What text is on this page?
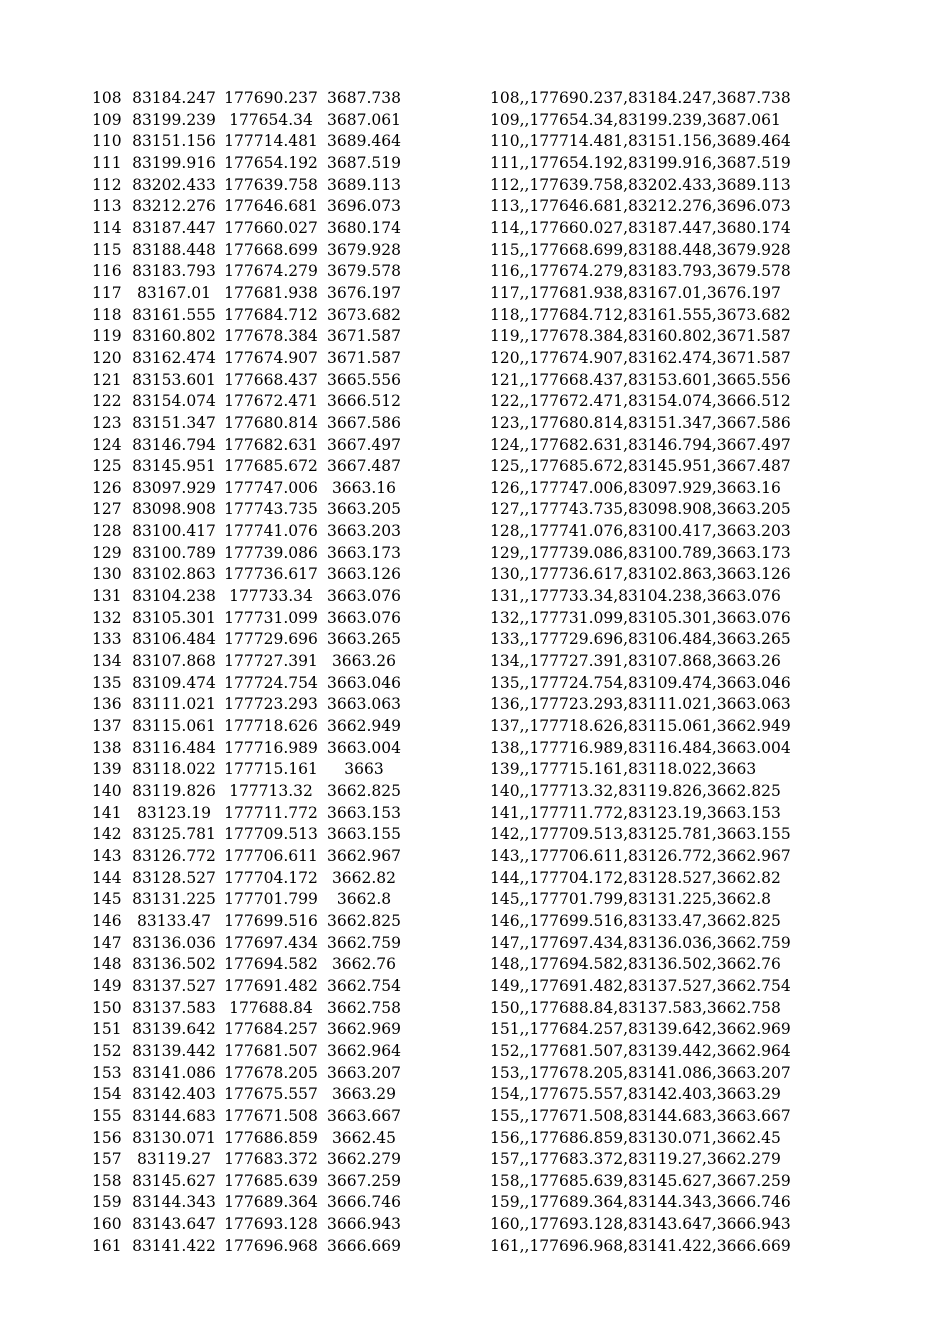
108 83184.247 177690.237 3687.738	108,,177690.237,83184.247,3687.738
109 83199.239 177654.34 3687.061	109,,177654.34,83199.239,3687.061
110 83151.156 177714.481 3689.464	110,,177714.481,83151.156,3689.464
111 83199.916 177654.192 3687.519	111,,177654.192,83199.916,3687.519
112 83202.433 177639.758 3689.113	112,,177639.758,83202.433,3689.113
113 83212.276 177646.681 3696.073	113,,177646.681,83212.276,3696.073
114 83187.447 177660.027 3680.174	114,,177660.027,83187.447,3680.174
115 83188.448 177668.699 3679.928	115,,177668.699,83188.448,3679.928
116 83183.793 177674.279 3679.578	116,,177674.279,83183.793,3679.578
117 83167.01 177681.938 3676.197	117,,177681.938,83167.01,3676.197
118 83161.555 177684.712 3673.682	118,,177684.712,83161.555,3673.682
119 83160.802 177678.384 3671.587	119,,177678.384,83160.802,3671.587
120 83162.474 177674.907 3671.587	120,,177674.907,83162.474,3671.587
121 83153.601 177668.437 3665.556	121,,177668.437,83153.601,3665.556
122 83154.074 177672.471 3666.512	122,,177672.471,83154.074,3666.512
123 83151.347 177680.814 3667.586	123,,177680.814,83151.347,3667.586
124 83146.794 177682.631 3667.497	124,,177682.631,83146.794,3667.497
125 83145.951 177685.672 3667.487	125,,177685.672,83145.951,3667.487
126 83097.929 177747.006 3663.16	126,,177747.006,83097.929,3663.16
127 83098.908 177743.735 3663.205	127,,177743.735,83098.908,3663.205
128 83100.417 177741.076 3663.203	128,,177741.076,83100.417,3663.203
129 83100.789 177739.086 3663.173	129,,177739.086,83100.789,3663.173
130 83102.863 177736.617 3663.126	130,,177736.617,83102.863,3663.126
131 83104.238 177733.34 3663.076	131,,177733.34,83104.238,3663.076
132 83105.301 177731.099 3663.076	132,,177731.099,83105.301,3663.076
133 83106.484 177729.696 3663.265	133,,177729.696,83106.484,3663.265
134 83107.868 177727.391 3663.26	134,,177727.391,83107.868,3663.26
135 83109.474 177724.754 3663.046	135,,177724.754,83109.474,3663.046
136 83111.021 177723.293 3663.063	136,,177723.293,83111.021,3663.063
137 83115.061 177718.626 3662.949	137,,177718.626,83115.061,3662.949
138 83116.484 177716.989 3663.004	138,,177716.989,83116.484,3663.004
139 83118.022 177715.161	3663	139,,177715.161,83118.022,3663
140 83119.826 177713.32 3662.825	140,,177713.32,83119.826,3662.825
141 83123.19 177711.772 3663.153	141,,177711.772,83123.19,3663.153
142 83125.781 177709.513 3663.155	142,,177709.513,83125.781,3663.155
143 83126.772 177706.611 3662.967	143,,177706.611,83126.772,3662.967
144 83128.527 177704.172 3662.82	144,,177704.172,83128.527,3662.82
145 83131.225 177701.799	3662.8	145,,177701.799,83131.225,3662.8
146 83133.47 177699.516 3662.825	146,,177699.516,83133.47,3662.825
147 83136.036 177697.434 3662.759	147,,177697.434,83136.036,3662.759
148 83136.502 177694.582 3662.76	148,,177694.582,83136.502,3662.76
149 83137.527 177691.482 3662.754	149,,177691.482,83137.527,3662.754
150 83137.583 177688.84 3662.758	150,,177688.84,83137.583,3662.758
151 83139.642 177684.257 3662.969	151,,177684.257,83139.642,3662.969
152 83139.442 177681.507 3662.964	152,,177681.507,83139.442,3662.964
153 83141.086 177678.205 3663.207	153,,177678.205,83141.086,3663.207
154 83142.403 177675.557 3663.29	154,,177675.557,83142.403,3663.29
155 83144.683 177671.508 3663.667	155,,177671.508,83144.683,3663.667
156 83130.071 177686.859 3662.45	156,,177686.859,83130.071,3662.45
157 83119.27 177683.372 3662.279	157,,177683.372,83119.27,3662.279
158 83145.627 177685.639 3667.259	158,,177685.639,83145.627,3667.259
159 83144.343 177689.364 3666.746	159,,177689.364,83144.343,3666.746
160 83143.647 177693.128 3666.943	160,,177693.128,83143.647,3666.943
161 83141.422 177696.968 3666.669	161,,177696.968,83141.422,3666.669
